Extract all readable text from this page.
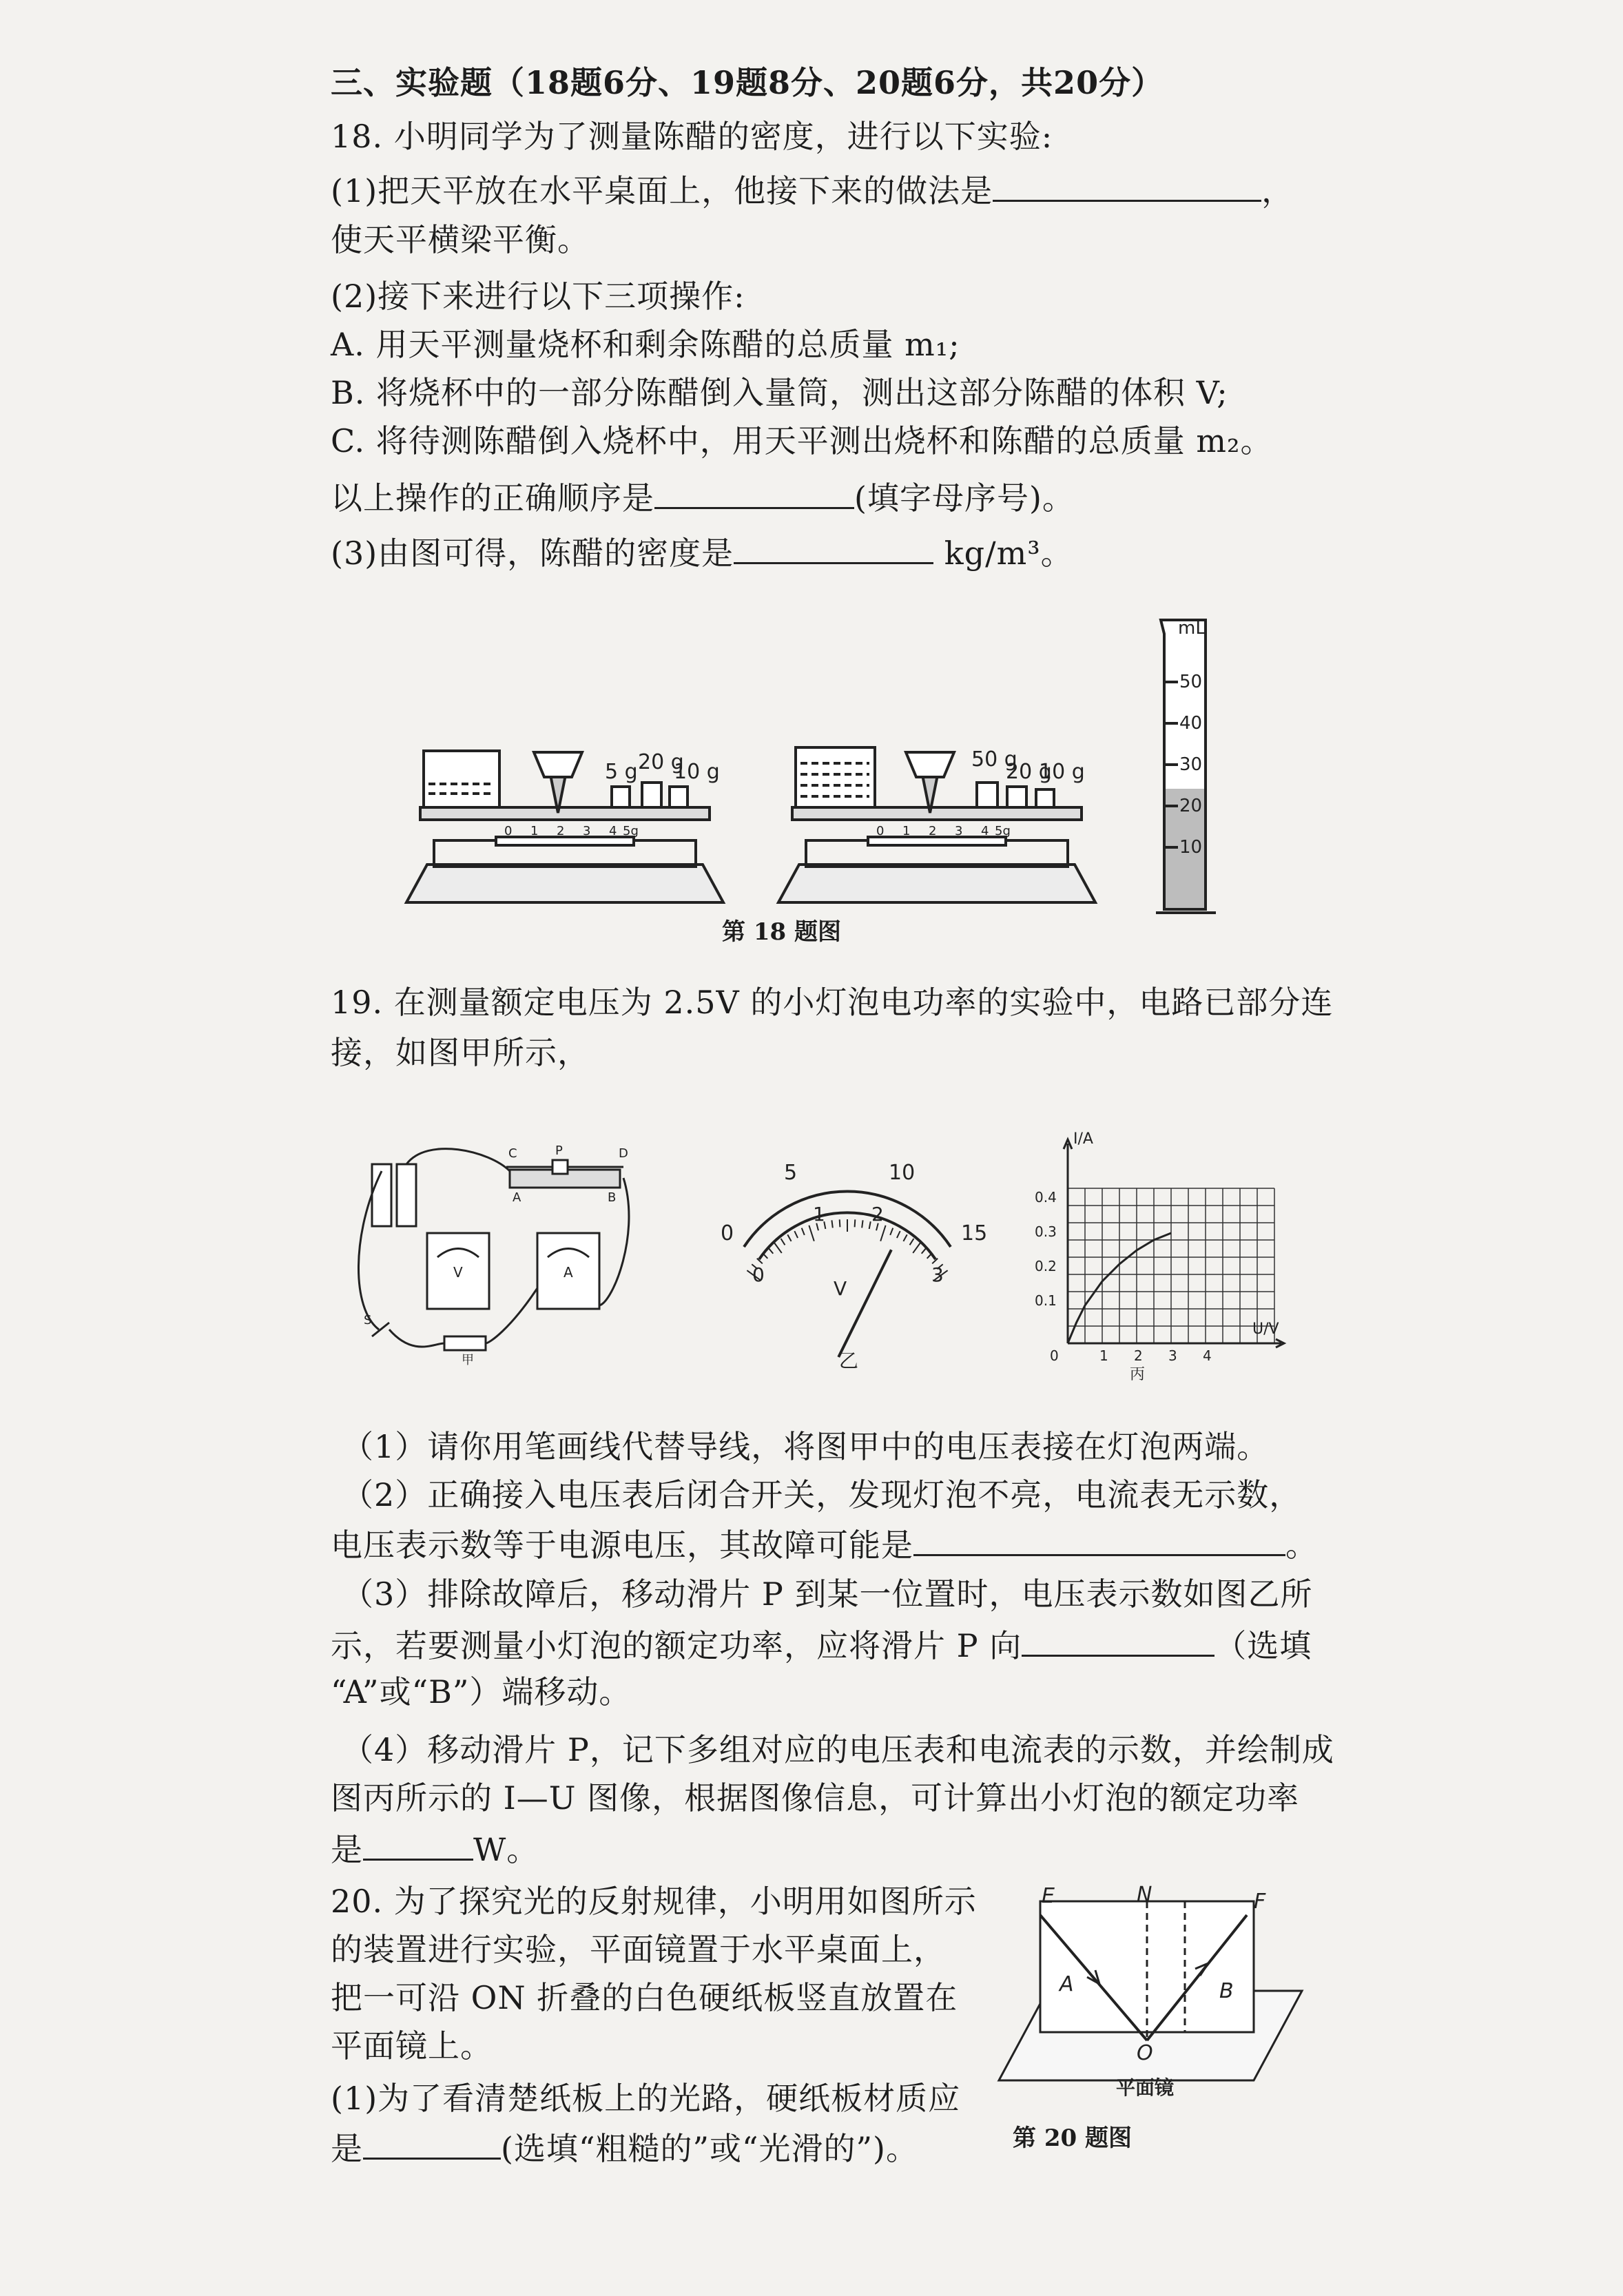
三、实验题（18题6分、19题8分、20题6分，共20分）
18. 小明同学为了测量陈醋的密度，进行以下实验:
(1)把天平放在水平桌面上，他接下来的做法是	，
使天平横梁平衡。
(2)接下来进行以下三项操作:
A. 用天平测量烧杯和剩余陈醋的总质量 m₁;
B. 将烧杯中的一部分陈醋倒入量筒，测出这部分陈醋的体积 V;
C. 将待测陈醋倒入烧杯中，用天平测出烧杯和陈醋的总质量 m₂。
以上操作的正确顺序是	(填字母序号)。
(3)由图可得，陈醋的密度是	kg/m³。
5 g 20 g
10 g
0 1 2 3 4 5g
50 g
20 g
10 g
0 1 2 3 4 5g
mL
50
40
30
20
10
第 18 题图
19. 在测量额定电压为 2.5V 的小灯泡电功率的实验中，电路已部分连
接，如图甲所示，
C	P	D
A	B
S
V	A
甲
0
5	10
15
0
1 2
3
V
乙
I/A
U/V
0.1
0.2
0.3
0.4
0	1 2 3 4
丙
（1）请你用笔画线代替导线，将图甲中的电压表接在灯泡两端。
（2）正确接入电压表后闭合开关，发现灯泡不亮，电流表无示数，
电压表示数等于电源电压，其故障可能是	。
（3）排除故障后，移动滑片 P 到某一位置时，电压表示数如图乙所
示，若要测量小灯泡的额定功率，应将滑片 P 向	（选填
“A”或“B”）端移动。
（4）移动滑片 P，记下多组对应的电压表和电流表的示数，并绘制成
图丙所示的 I—U 图像，根据图像信息，可计算出小灯泡的额定功率
是	W。
20. 为了探究光的反射规律，小明用如图所示
的装置进行实验，平面镜置于水平桌面上，
把一可沿 ON 折叠的白色硬纸板竖直放置在
平面镜上。
(1)为了看清楚纸板上的光路，硬纸板材质应
是	(选填“粗糙的”或“光滑的”)。
E	N	F
A	B
O
平面镜
第 20 题图
